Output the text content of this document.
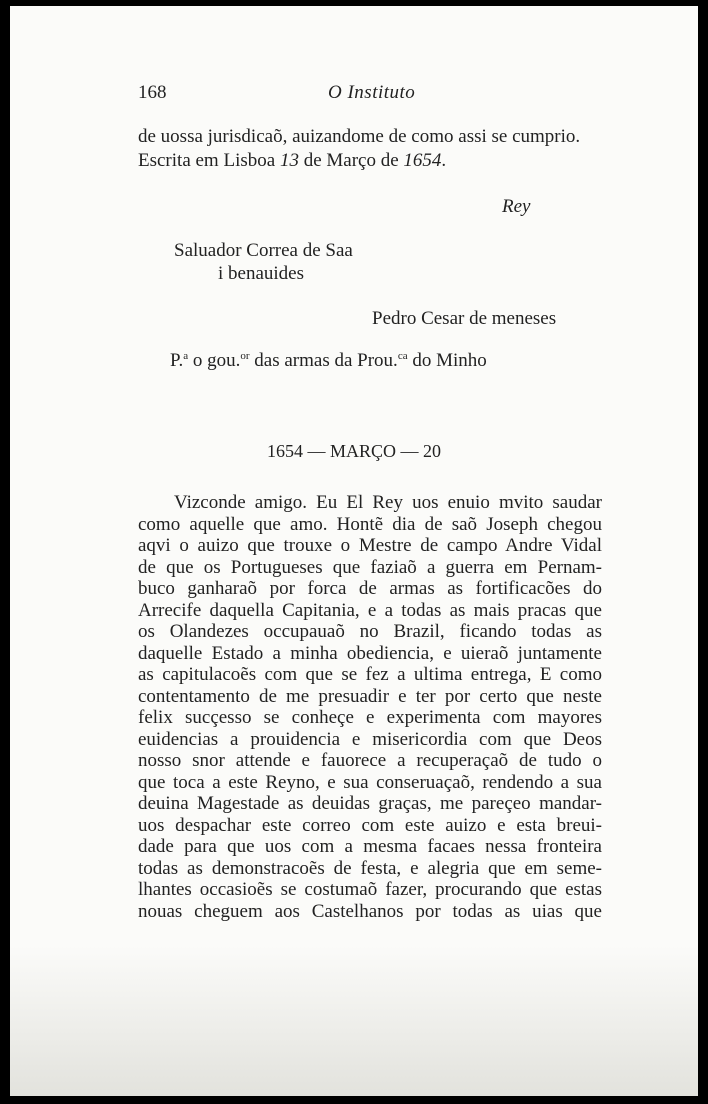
168	O Instituto
de uossa jurisdicaõ, auizandome de como assi se cumprio.
Escrita em Lisboa 13 de Março de 1654.
Rey
Saluador Correa de Saa
i benauides
Pedro Cesar de meneses
P.$^a$ o gou.$^{or}$ das armas da Prou.$^{ca}$ do Minho
1654 — MARÇO — 20
Vizconde amigo. Eu El Rey uos enuio mvito saudar
como aquelle que amo. Hontẽ dia de saõ Joseph chegou
aqvi o auizo que trouxe o Mestre de campo Andre Vidal
de que os Portugueses que faziaõ a guerra em Pernam-
buco ganharaõ por forca de armas as fortificacões do
Arrecife daquella Capitania, e a todas as mais pracas que
os Olandezes occupauaõ no Brazil, ficando todas as
daquelle Estado a minha obediencia, e uieraõ juntamente
as capitulacoẽs com que se fez a ultima entrega, E como
contentamento de me presuadir e ter por certo que neste
felix sucçesso se conheçe e experimenta com mayores
euidencias a prouidencia e misericordia com que Deos
nosso snor attende e fauorece a recuperaçaõ de tudo o
que toca a este Reyno, e sua conseruaçaõ, rendendo a sua
deuina Magestade as deuidas graças, me pareçeo mandar-
uos despachar este correo com este auizo e esta breui-
dade para que uos com a mesma facaes nessa fronteira
todas as demonstracoẽs de festa, e alegria que em seme-
lhantes occasioẽs se costumaõ fazer, procurando que estas
nouas cheguem aos Castelhanos por todas as uias que
